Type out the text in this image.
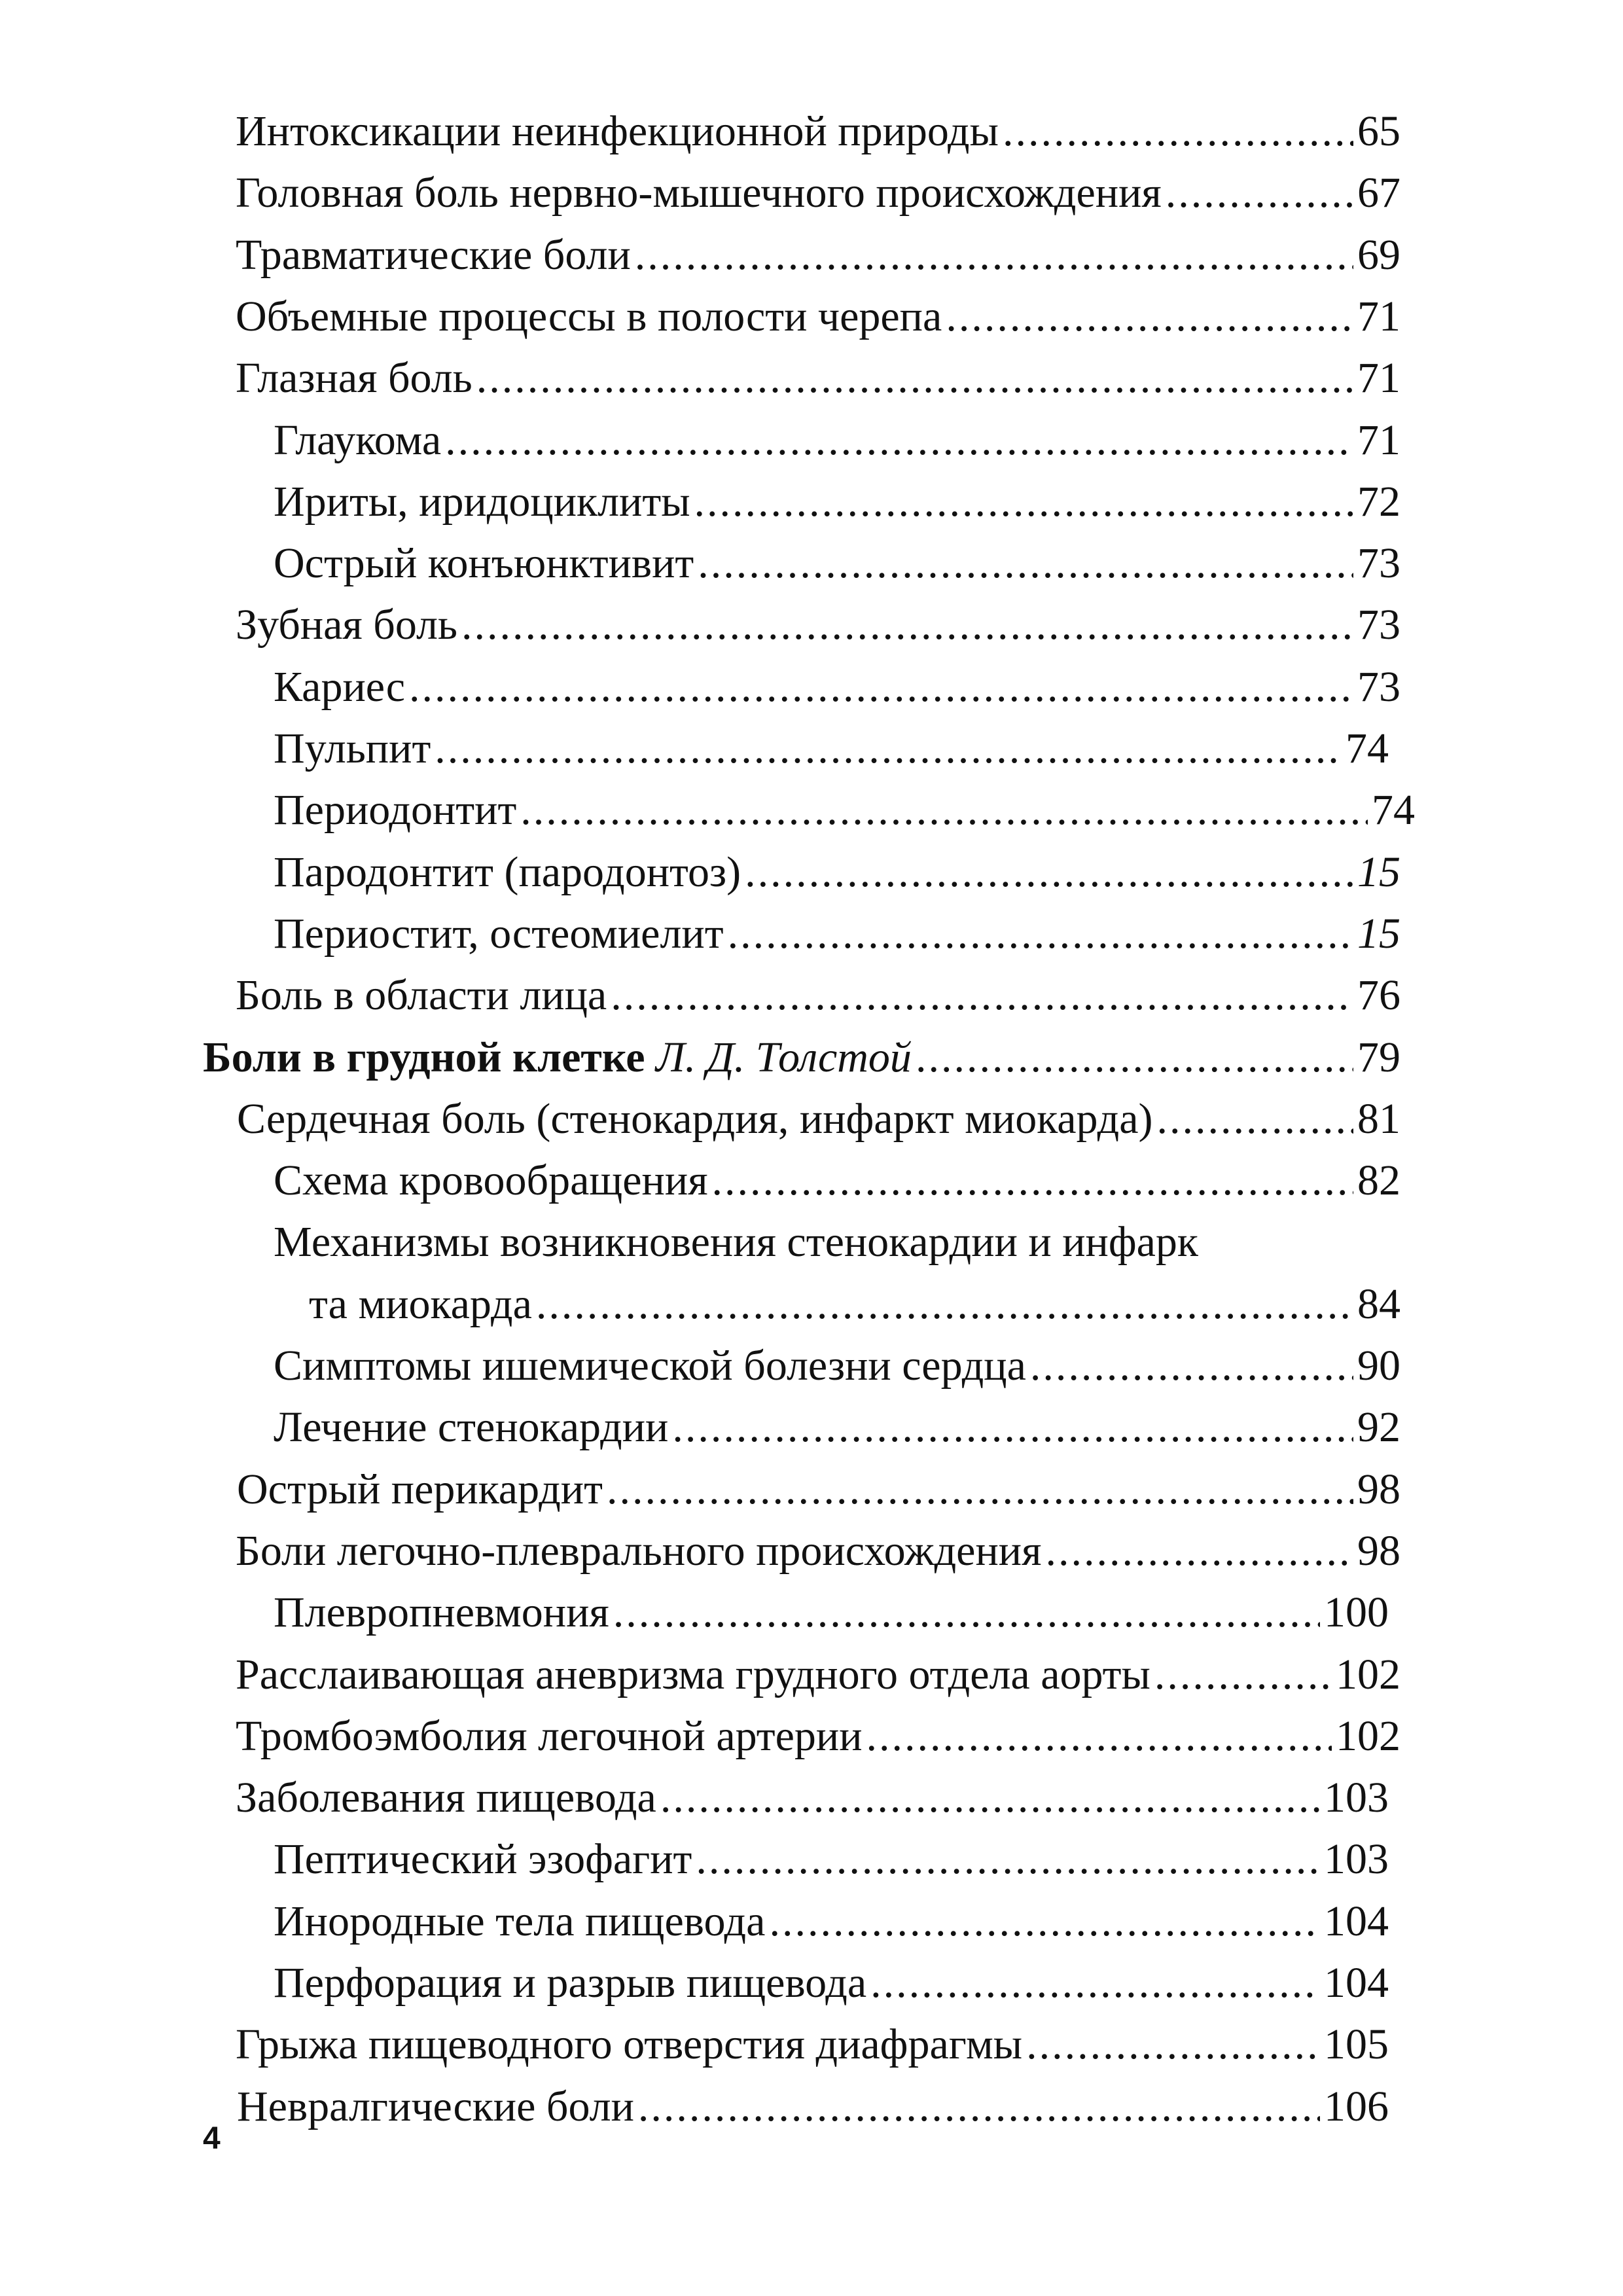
Интоксикации неинфекционной природы .....	65
Головная боль нервно-мышечного происхождения .....	67
Травматические боли .....	69
Объемные процессы в полости черепа .....	71
Глазная боль .....	71
Глаукома .....	71
Ириты, иридоциклиты .....	72
Острый конъюнктивит .....	73
Зубная боль .....	73
Кариес .....	73
Пульпит .....	74
Периодонтит .....	74
Пародонтит (пародонтоз) .....	15
Периостит, остеомиелит .....	15
Боль в области лица .....	76
Боли в грудной клетке Л. Д. Толстой .....	79
Сердечная боль (стенокардия, инфаркт миокарда) .....	81
Схема кровообращения .....	82
Механизмы возникновения стенокардии и инфарк
та миокарда .....	84
Симптомы ишемической болезни сердца .....	90
Лечение стенокардии .....	92
Острый перикардит .....	98
Боли легочно-плеврального происхождения .....	98
Плевропневмония .....	100
Расслаивающая аневризма грудного отдела аорты .....	102
Тромбоэмболия легочной артерии .....	102
Заболевания пищевода .....	103
Пептический эзофагит .....	103
Инородные тела пищевода .....	104
Перфорация и разрыв пищевода .....	104
Грыжа пищеводного отверстия диафрагмы .....	105
Невралгические боли .....	106
4
